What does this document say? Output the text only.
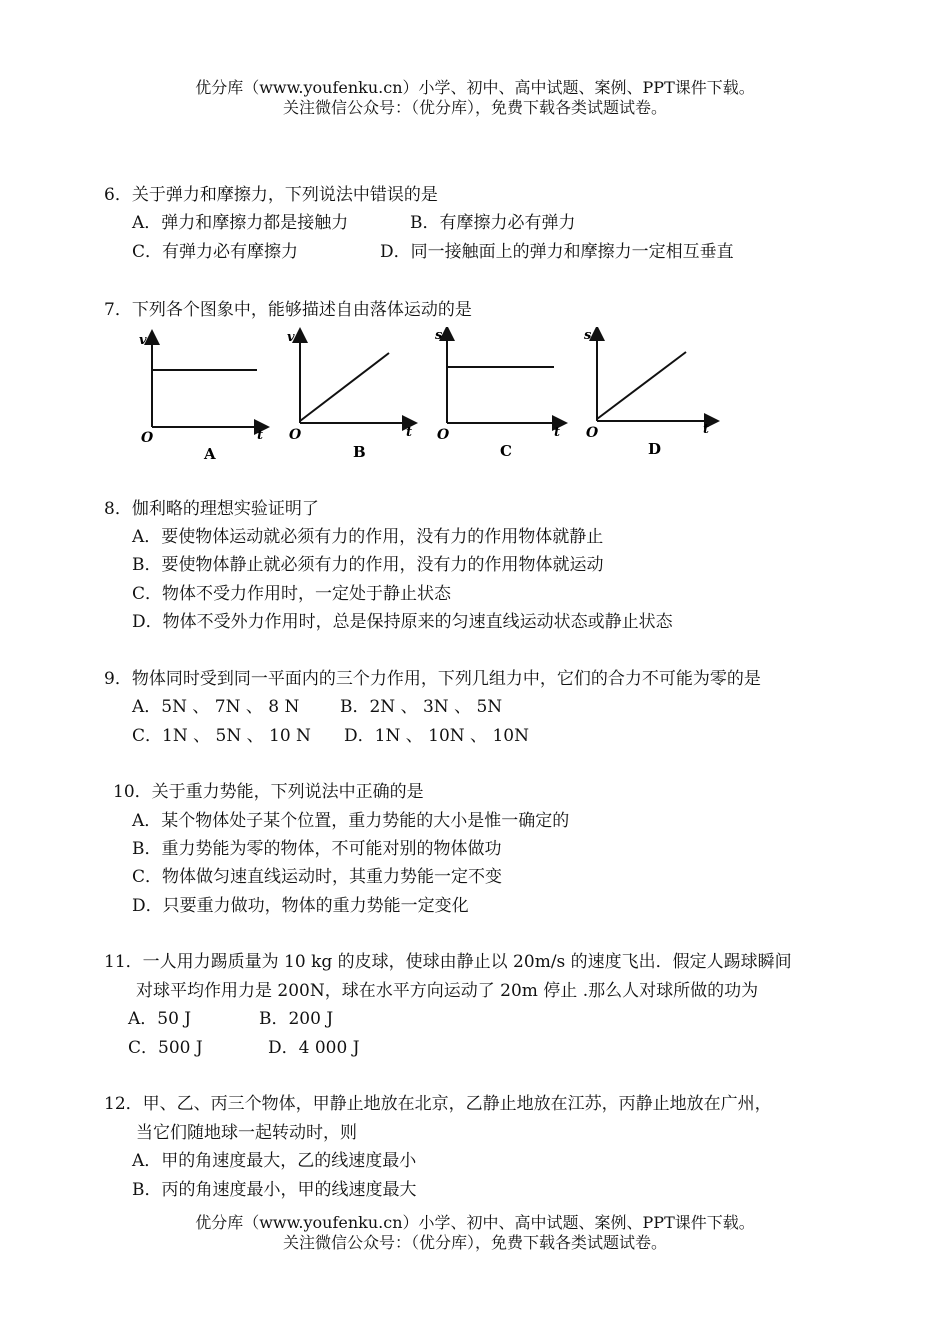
优分库（www.youfenku.cn）小学、初中、高中试题、案例、PPT课件下载。
关注微信公众号：（优分库），免费下载各类试题试卷。
6．关于弹力和摩擦力，下列说法中错误的是
A．弹力和摩擦力都是接触力	B．有摩擦力必有弹力
C．有弹力必有摩擦力	D．同一接触面上的弹力和摩擦力一定相互垂直
7．下列各个图象中，能够描述自由落体运动的是
v
t
O
A
v
t
O
B
s
t
O
C
s
t
O
D
8．伽利略的理想实验证明了
A．要使物体运动就必须有力的作用，没有力的作用物体就静止
B．要使物体静止就必须有力的作用，没有力的作用物体就运动
C．物体不受力作用时，一定处于静止状态
D．物体不受外力作用时，总是保持原来的匀速直线运动状态或静止状态
9．物体同时受到同一平面内的三个力作用，下列几组力中，它们的合力不可能为零的是
A．5N 、 7N 、 8 N B．2N 、 3N 、 5N
C．1N 、 5N 、 10 N D．1N 、 10N 、 10N
10．关于重力势能，下列说法中正确的是
A．某个物体处子某个位置，重力势能的大小是惟一确定的
B．重力势能为零的物体，不可能对别的物体做功
C．物体做匀速直线运动时，其重力势能一定不变
D．只要重力做功，物体的重力势能一定变化
11．一人用力踢质量为 10 kg 的皮球，使球由静止以 20m/s 的速度飞出．假定人踢球瞬间
对球平均作用力是 200N，球在水平方向运动了 20m 停止 .那么人对球所做的功为
A．50 J	B．200 J
C．500 J	D．4 000 J
12．甲、乙、丙三个物体，甲静止地放在北京，乙静止地放在江苏，丙静止地放在广州，
当它们随地球一起转动时，则
A．甲的角速度最大，乙的线速度最小
B．丙的角速度最小，甲的线速度最大
优分库（www.youfenku.cn）小学、初中、高中试题、案例、PPT课件下载。
关注微信公众号：（优分库），免费下载各类试题试卷。
